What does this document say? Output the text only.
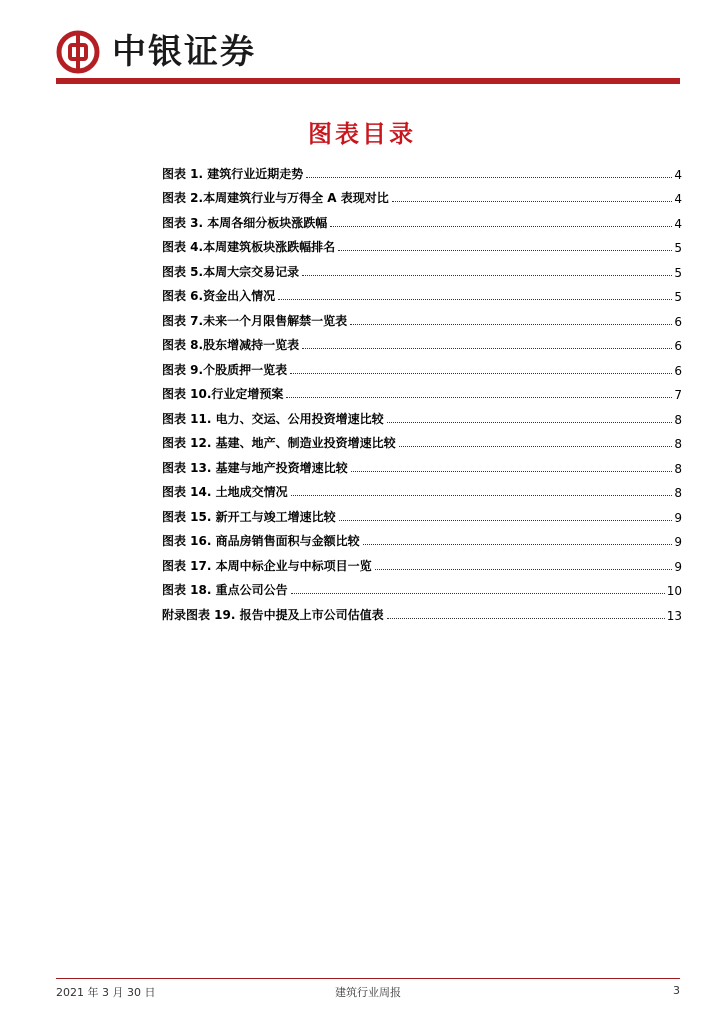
中银证券
图表目录
图表 1. 建筑行业近期走势	4
图表 2.本周建筑行业与万得全 A 表现对比	4
图表 3. 本周各细分板块涨跌幅	4
图表 4.本周建筑板块涨跌幅排名	5
图表 5.本周大宗交易记录	5
图表 6.资金出入情况	5
图表 7.未来一个月限售解禁一览表	6
图表 8.股东增减持一览表	6
图表 9.个股质押一览表	6
图表 10.行业定增预案	7
图表 11. 电力、交运、公用投资增速比较	8
图表 12. 基建、地产、制造业投资增速比较	8
图表 13. 基建与地产投资增速比较	8
图表 14. 土地成交情况	8
图表 15. 新开工与竣工增速比较	9
图表 16. 商品房销售面积与金额比较	9
图表 17. 本周中标企业与中标项目一览	9
图表 18. 重点公司公告	10
附录图表 19. 报告中提及上市公司估值表	13
2021 年 3 月 30 日	建筑行业周报	3
